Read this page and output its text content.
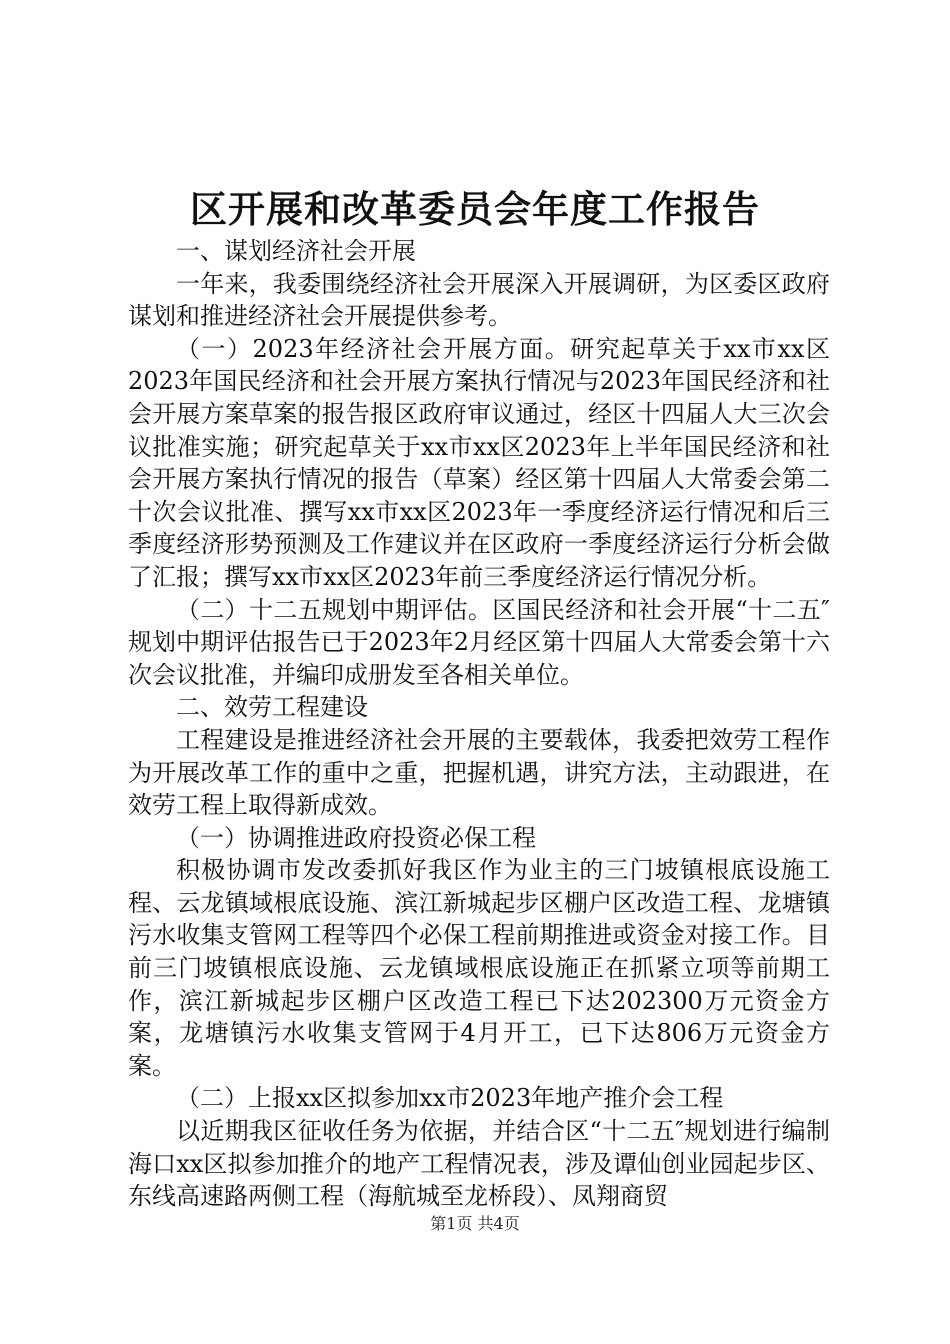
区开展和改革委员会年度工作报告

一、谋划经济社会开展

一年来，我委围绕经济社会开展深入开展调研，为区委区政府谋划和推进经济社会开展提供参考。

（一）2023年经济社会开展方面。研究起草关于xx市xx区2023年国民经济和社会开展方案执行情况与2023年国民经济和社会开展方案草案的报告报区政府审议通过，经区十四届人大三次会议批准实施；研究起草关于xx市xx区2023年上半年国民经济和社会开展方案执行情况的报告（草案）经区第十四届人大常委会第二十次会议批准、撰写xx市xx区2023年一季度经济运行情况和后三季度经济形势预测及工作建议并在区政府一季度经济运行分析会做了汇报；撰写xx市xx区2023年前三季度经济运行情况分析。

（二）十二五规划中期评估。区国民经济和社会开展“十二五″规划中期评估报告已于2023年2月经区第十四届人大常委会第十六次会议批准，并编印成册发至各相关单位。

二、效劳工程建设

工程建设是推进经济社会开展的主要载体，我委把效劳工程作为开展改革工作的重中之重，把握机遇，讲究方法，主动跟进，在效劳工程上取得新成效。

（一）协调推进政府投资必保工程

积极协调市发改委抓好我区作为业主的三门坡镇根底设施工程、云龙镇域根底设施、滨江新城起步区棚户区改造工程、龙塘镇污水收集支管网工程等四个必保工程前期推进或资金对接工作。目前三门坡镇根底设施、云龙镇域根底设施正在抓紧立项等前期工作，滨江新城起步区棚户区改造工程已下达202300万元资金方案，龙塘镇污水收集支管网于4月开工，已下达806万元资金方案。

（二）上报xx区拟参加xx市2023年地产推介会工程

以近期我区征收任务为依据，并结合区“十二五″规划进行编制海口xx区拟参加推介的地产工程情况表，涉及谭仙创业园起步区、东线高速路两侧工程（海航城至龙桥段）、凤翔商贸

第1页 共4页
